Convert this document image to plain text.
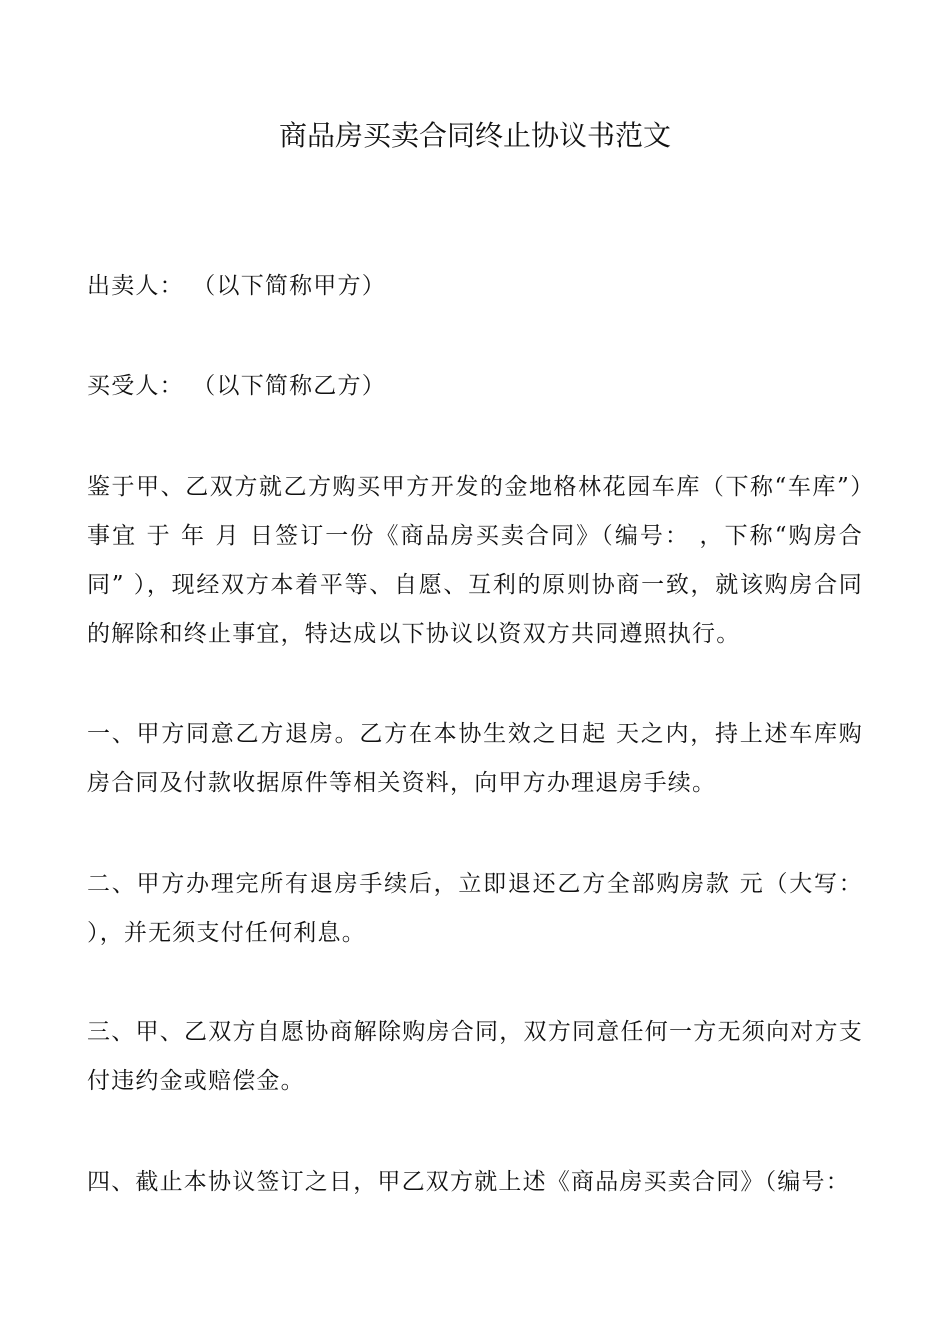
商品房买卖合同终止协议书范文

出卖人： （以下简称甲方）

买受人： （以下简称乙方）

鉴于甲、乙双方就乙方购买甲方开发的金地格林花园车库（下称“车库”）事宜 于 年 月 日签订一份《商品房买卖合同》（编号： ，下称“购房合同” ），现经双方本着平等、自愿、互利的原则协商一致，就该购房合同的解除和终止事宜，特达成以下协议以资双方共同遵照执行。

一、甲方同意乙方退房。乙方在本协生效之日起 天之内，持上述车库购房合同及付款收据原件等相关资料，向甲方办理退房手续。

二、甲方办理完所有退房手续后，立即退还乙方全部购房款 元（大写： ），并无须支付任何利息。

三、甲、乙双方自愿协商解除购房合同，双方同意任何一方无须向对方支付违约金或赔偿金。

四、截止本协议签订之日，甲乙双方就上述《商品房买卖合同》（编号：
